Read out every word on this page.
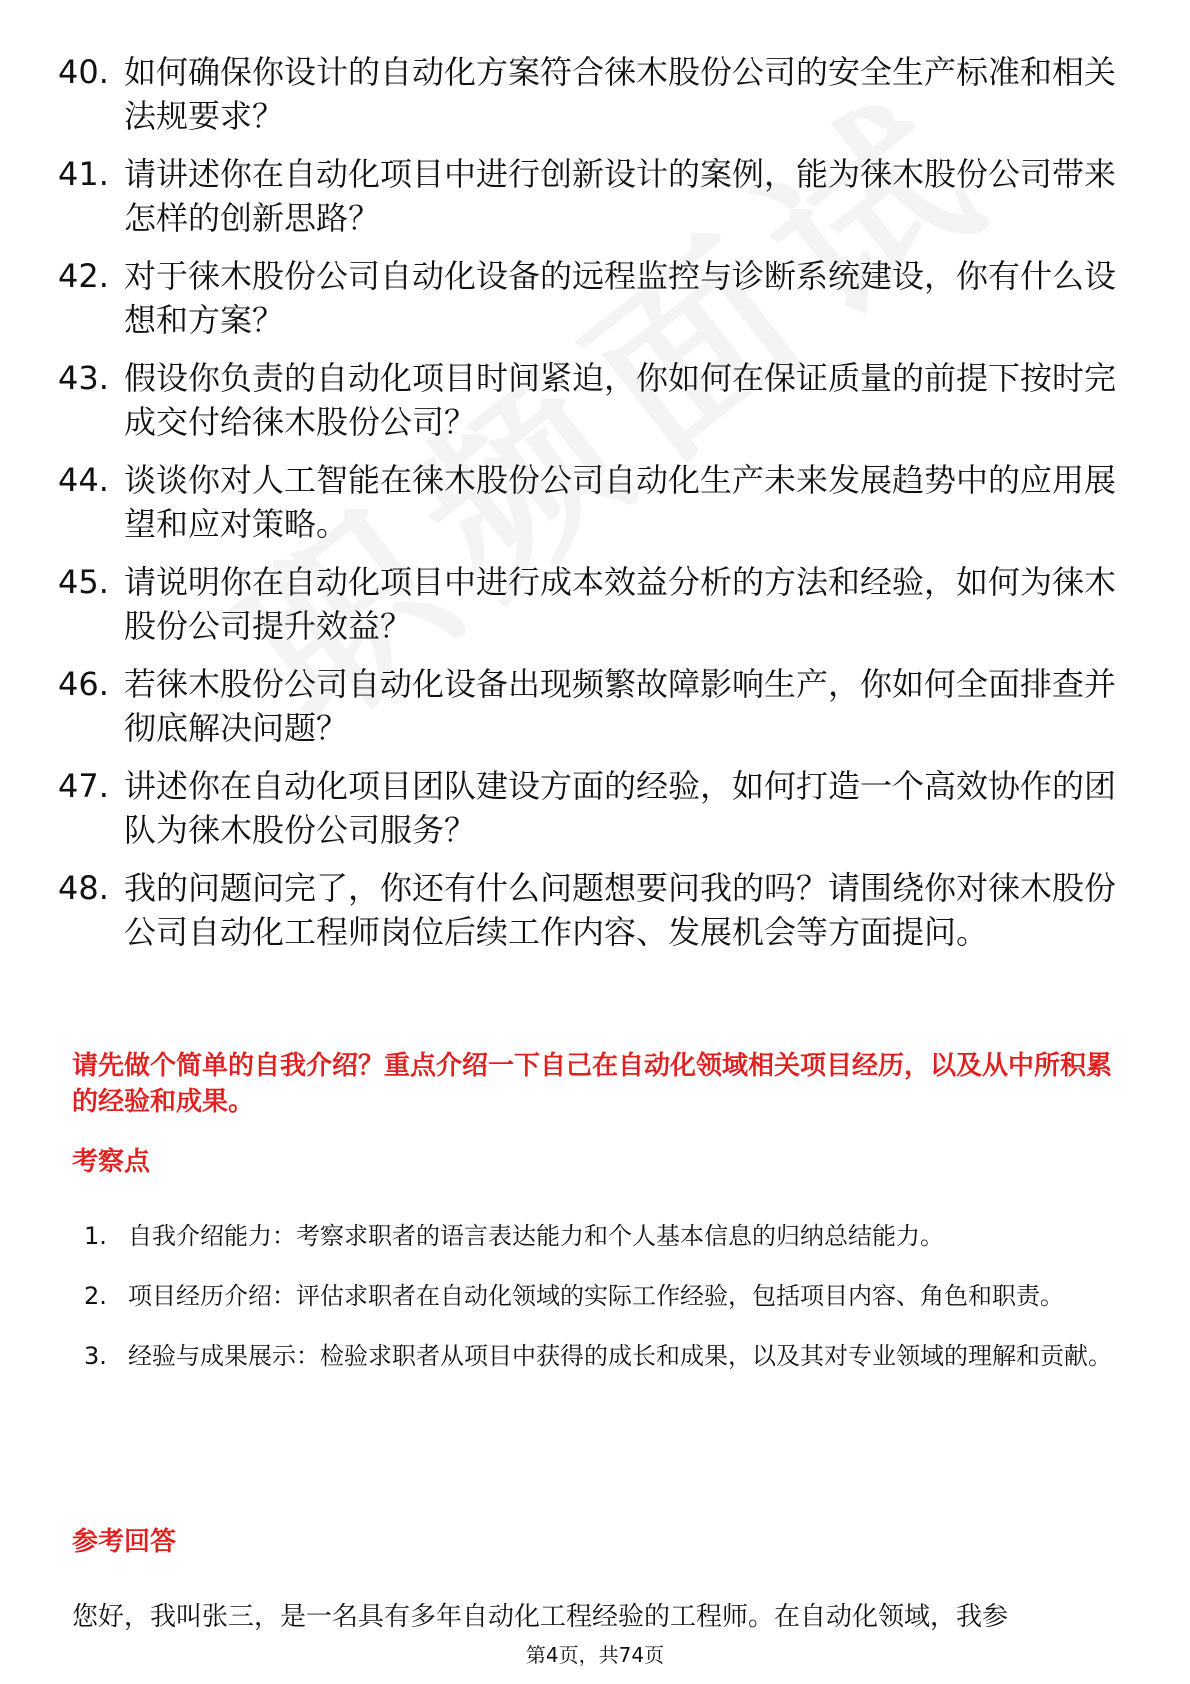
40. 如何确保你设计的自动化方案符合徕木股份公司的安全生产标准和相关法规要求？
41. 请讲述你在自动化项目中进行创新设计的案例，能为徕木股份公司带来怎样的创新思路？
42. 对于徕木股份公司自动化设备的远程监控与诊断系统建设，你有什么设想和方案？
43. 假设你负责的自动化项目时间紧迫，你如何在保证质量的前提下按时完成交付给徕木股份公司？
44. 谈谈你对人工智能在徕木股份公司自动化生产未来发展趋势中的应用展望和应对策略。
45. 请说明你在自动化项目中进行成本效益分析的方法和经验，如何为徕木股份公司提升效益？
46. 若徕木股份公司自动化设备出现频繁故障影响生产，你如何全面排查并彻底解决问题？
47. 讲述你在自动化项目团队建设方面的经验，如何打造一个高效协作的团队为徕木股份公司服务？
48. 我的问题问完了，你还有什么问题想要问我的吗？请围绕你对徕木股份公司自动化工程师岗位后续工作内容、发展机会等方面提问。
请先做个简单的自我介绍？重点介绍一下自己在自动化领域相关项目经历，以及从中所积累的经验和成果。
考察点
1. 自我介绍能力：考察求职者的语言表达能力和个人基本信息的归纳总结能力。
2. 项目经历介绍：评估求职者在自动化领域的实际工作经验，包括项目内容、角色和职责。
3. 经验与成果展示：检验求职者从项目中获得的成长和成果，以及其对专业领域的理解和贡献。
参考回答
您好，我叫张三，是一名具有多年自动化工程经验的工程师。在自动化领域，我参
第4页，共74页
